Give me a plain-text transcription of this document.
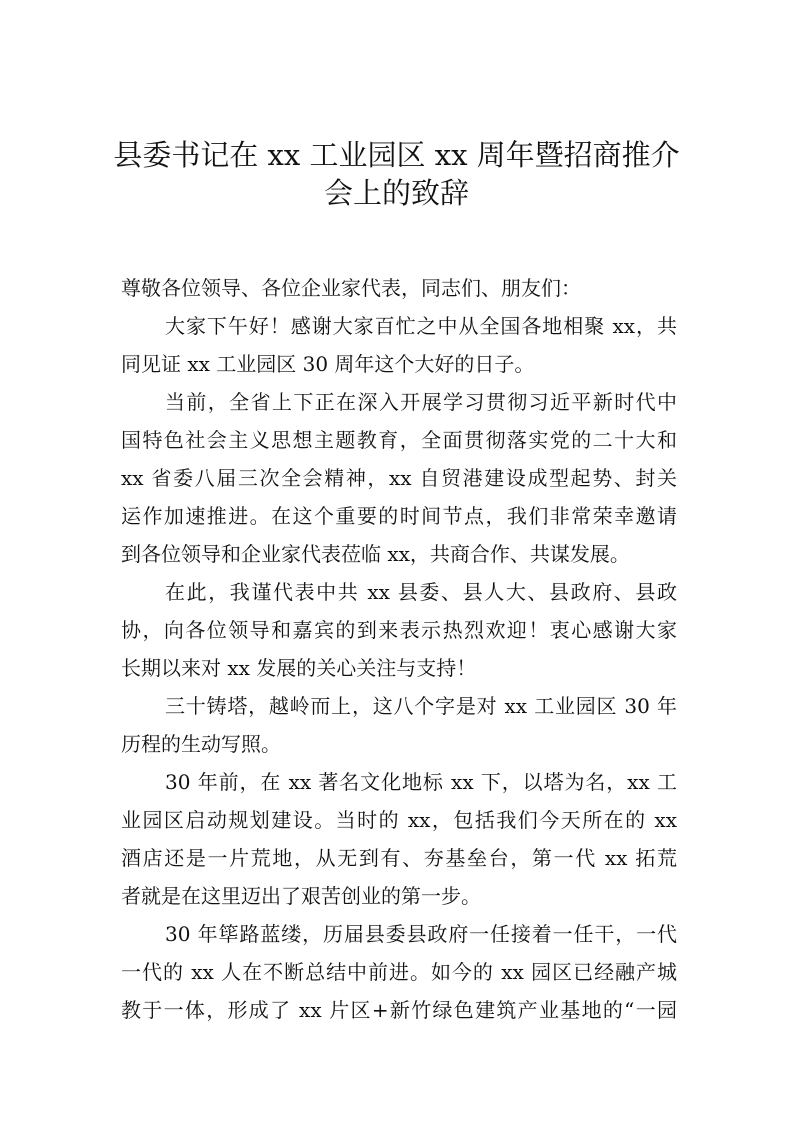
县委书记在 xx 工业园区 xx 周年暨招商推介
会上的致辞
尊敬各位领导、各位企业家代表，同志们、朋友们：
大家下午好！感谢大家百忙之中从全国各地相聚 xx，共
同见证 xx 工业园区 30 周年这个大好的日子。
当前，全省上下正在深入开展学习贯彻习近平新时代中
国特色社会主义思想主题教育，全面贯彻落实党的二十大和
xx 省委八届三次全会精神，xx 自贸港建设成型起势、封关
运作加速推进。在这个重要的时间节点，我们非常荣幸邀请
到各位领导和企业家代表莅临 xx，共商合作、共谋发展。
在此，我谨代表中共 xx 县委、县人大、县政府、县政
协，向各位领导和嘉宾的到来表示热烈欢迎！衷心感谢大家
长期以来对 xx 发展的关心关注与支持！
三十铸塔，越岭而上，这八个字是对 xx 工业园区 30 年
历程的生动写照。
30 年前，在 xx 著名文化地标 xx 下，以塔为名，xx 工
业园区启动规划建设。当时的 xx，包括我们今天所在的 xx
酒店还是一片荒地，从无到有、夯基垒台，第一代 xx 拓荒
者就是在这里迈出了艰苦创业的第一步。
30 年筚路蓝缕，历届县委县政府一任接着一任干，一代
一代的 xx 人在不断总结中前进。如今的 xx 园区已经融产城
教于一体，形成了 xx 片区+新竹绿色建筑产业基地的“一园
